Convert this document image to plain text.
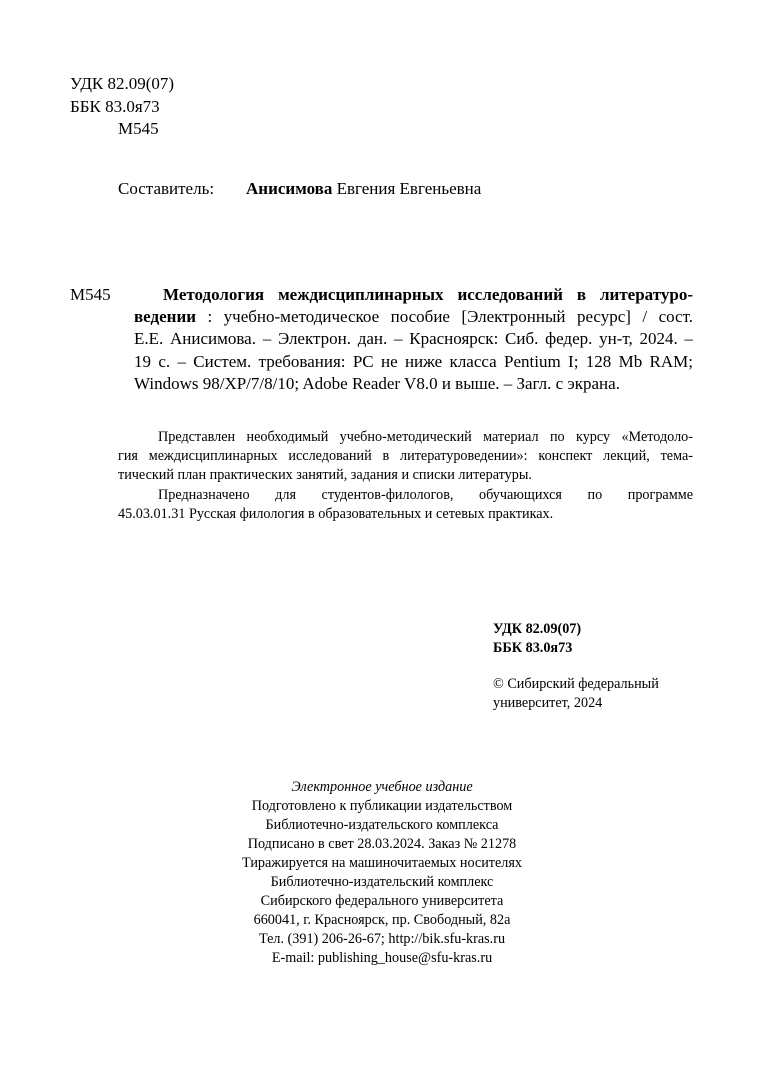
УДК 82.09(07)
ББК 83.0я73
М545
Составитель: Анисимова Евгения Евгеньевна
М545	Методология междисциплинарных исследований в литературо-
ведении : учебно-методическое пособие [Электронный ресурс] / сост.
Е.Е. Анисимова. – Электрон. дан. – Красноярск: Сиб. федер. ун-т, 2024. –
19 с. – Систем. требования: PC не ниже класса Pentium I; 128 Mb RAM;
Windows 98/XP/7/8/10; Adobe Reader V8.0 и выше. – Загл. с экрана.
Представлен необходимый учебно-методический материал по курсу «Методоло-
гия междисциплинарных исследований в литературоведении»: конспект лекций, тема-
тический план практических занятий, задания и списки литературы.
Предназначено для студентов-филологов, обучающихся по программе
45.03.01.31 Русская филология в образовательных и сетевых практиках.
УДК 82.09(07)
ББК 83.0я73
© Сибирский федеральный
университет, 2024
Электронное учебное издание
Подготовлено к публикации издательством
Библиотечно-издательского комплекса
Подписано в свет 28.03.2024. Заказ № 21278
Тиражируется на машиночитаемых носителях
Библиотечно-издательский комплекс
Сибирского федерального университета
660041, г. Красноярск, пр. Свободный, 82а
Тел. (391) 206-26-67; http://bik.sfu-kras.ru
E-mail: publishing_house@sfu-kras.ru
